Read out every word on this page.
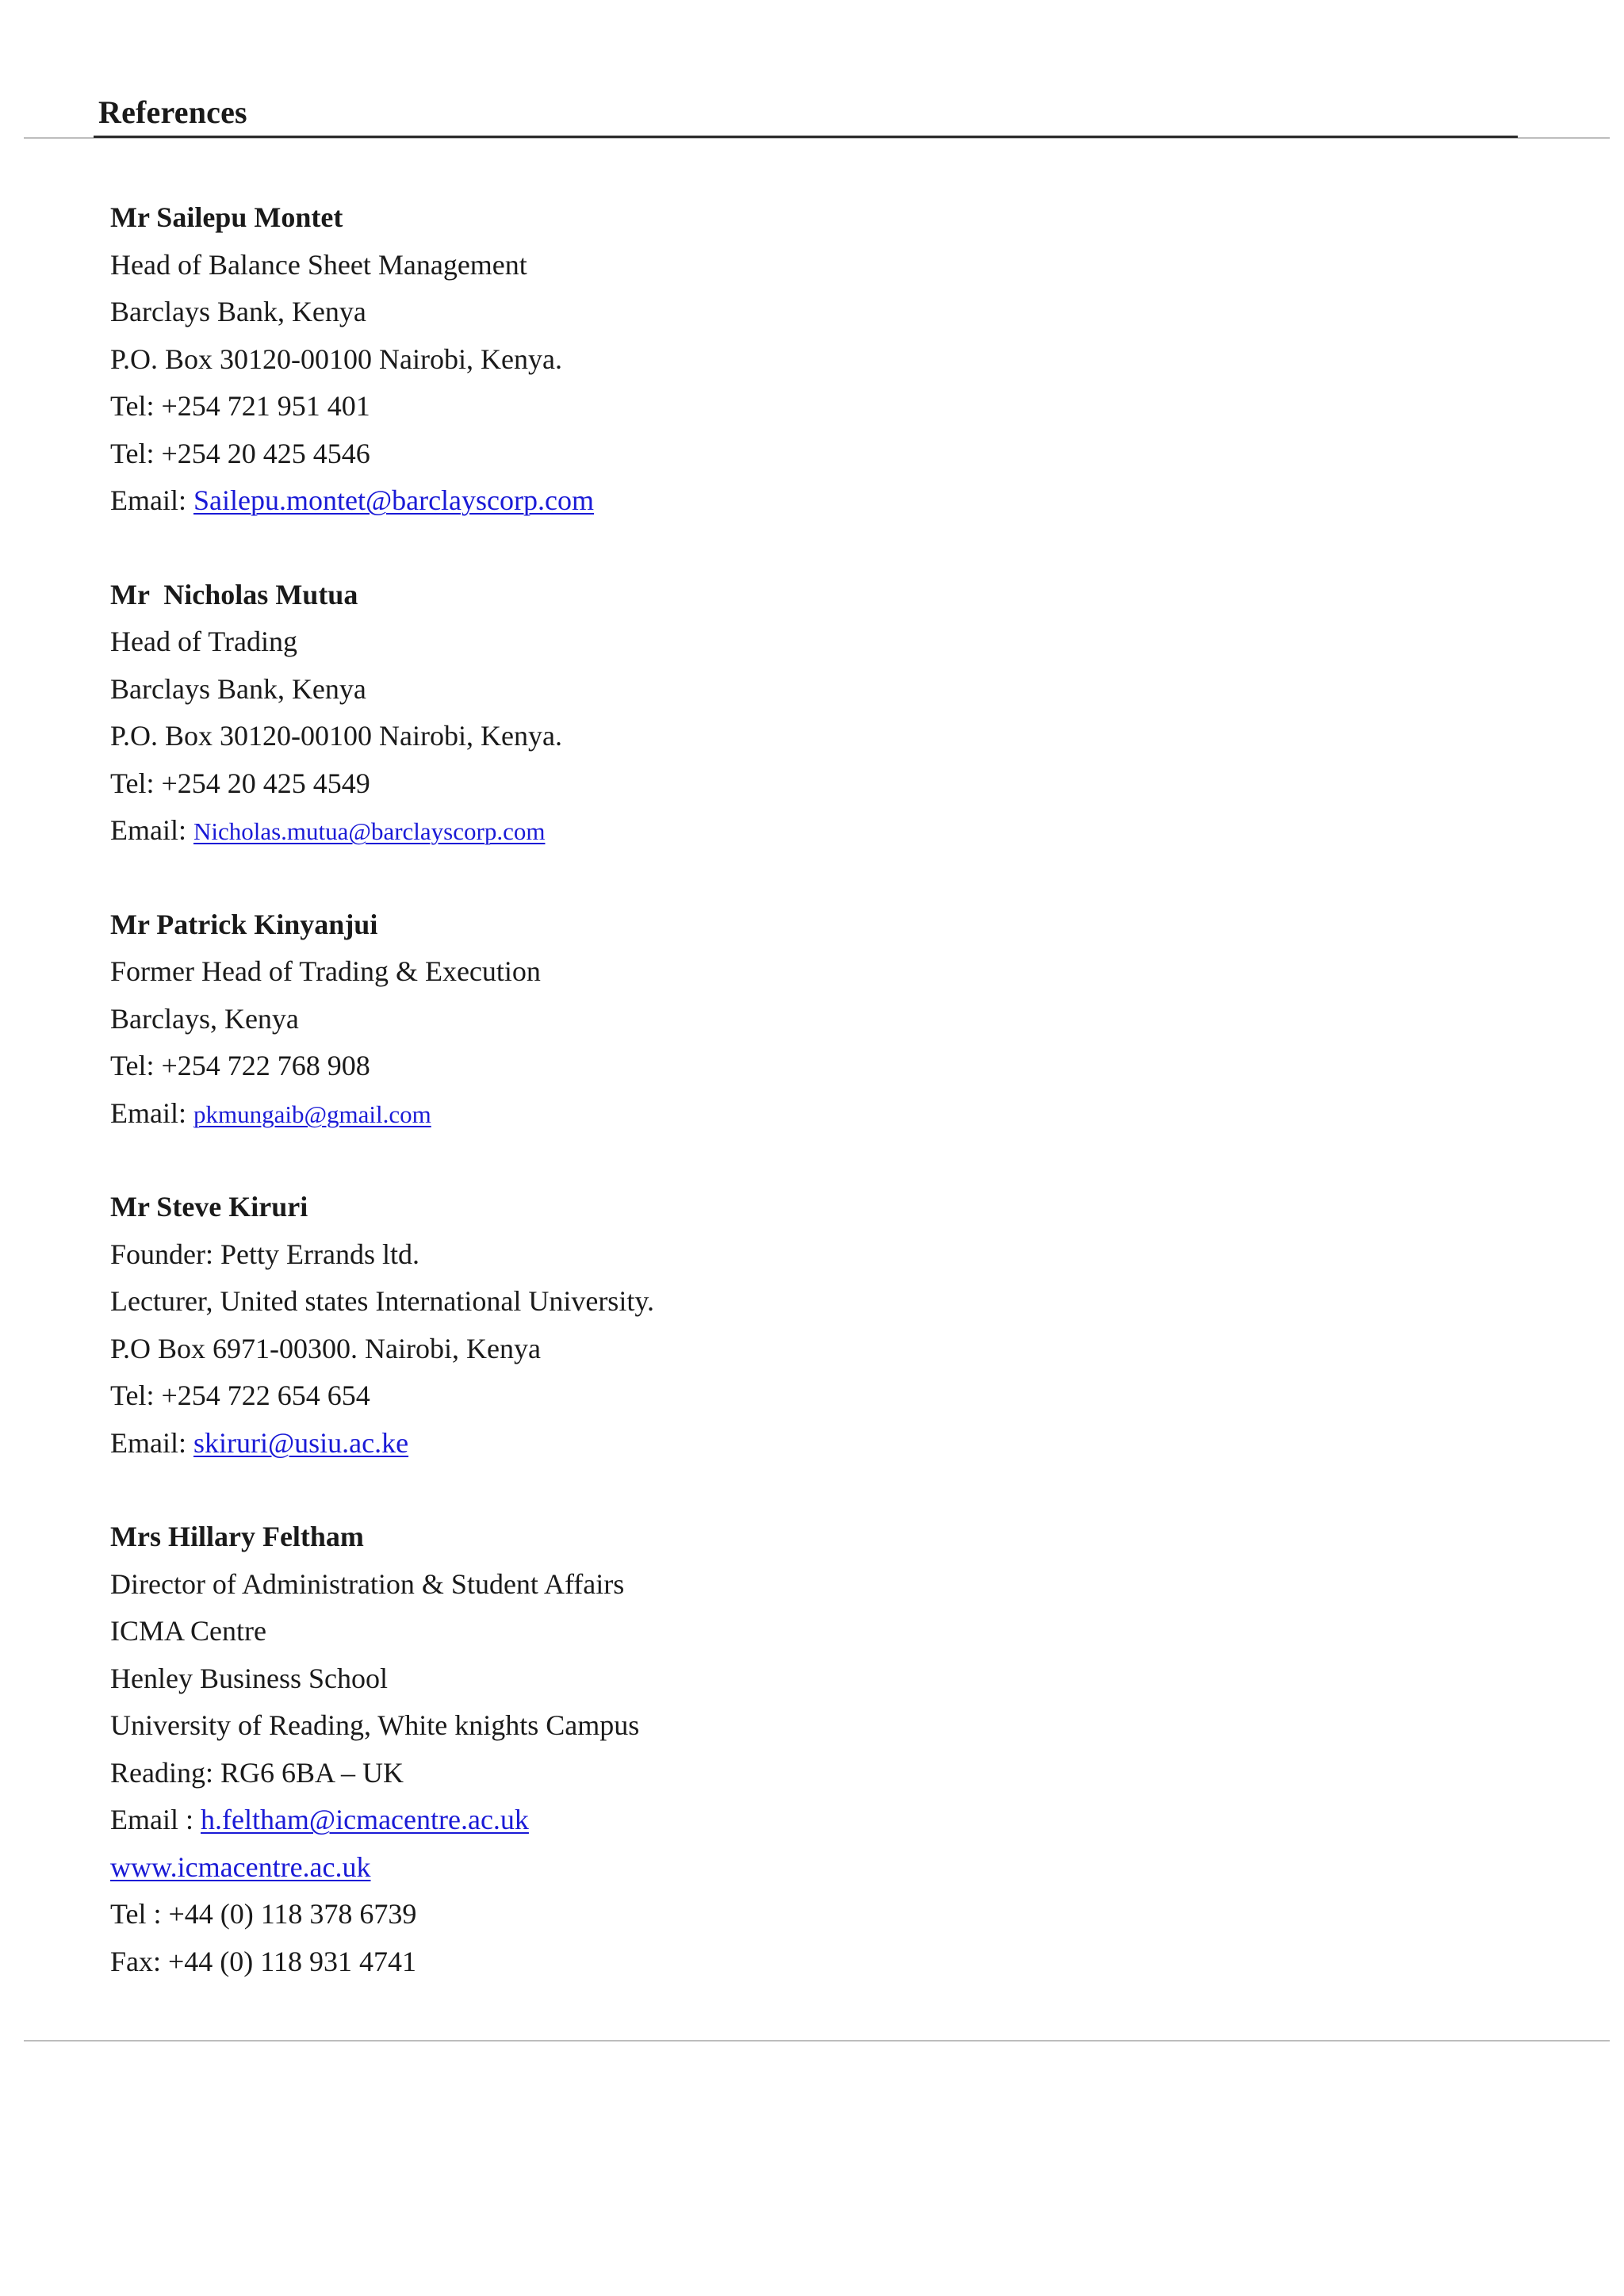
References
Mr Sailepu Montet
Head of Balance Sheet Management
Barclays Bank, Kenya
P.O. Box 30120-00100 Nairobi, Kenya.
Tel: +254 721 951 401
Tel: +254 20 425 4546
Email: Sailepu.montet@barclayscorp.com
Mr  Nicholas Mutua
Head of Trading
Barclays Bank, Kenya
P.O. Box 30120-00100 Nairobi, Kenya.
Tel: +254 20 425 4549
Email: Nicholas.mutua@barclayscorp.com
Mr Patrick Kinyanjui
Former Head of Trading & Execution
Barclays, Kenya
Tel: +254 722 768 908
Email: pkmungaib@gmail.com
Mr Steve Kiruri
Founder: Petty Errands ltd.
Lecturer, United states International University.
P.O Box 6971-00300. Nairobi, Kenya
Tel: +254 722 654 654
Email: skiruri@usiu.ac.ke
Mrs Hillary Feltham
Director of Administration & Student Affairs
ICMA Centre
Henley Business School
University of Reading, White knights Campus
Reading: RG6 6BA – UK
Email : h.feltham@icmacentre.ac.uk
www.icmacentre.ac.uk
Tel : +44 (0) 118 378 6739
Fax: +44 (0) 118 931 4741
